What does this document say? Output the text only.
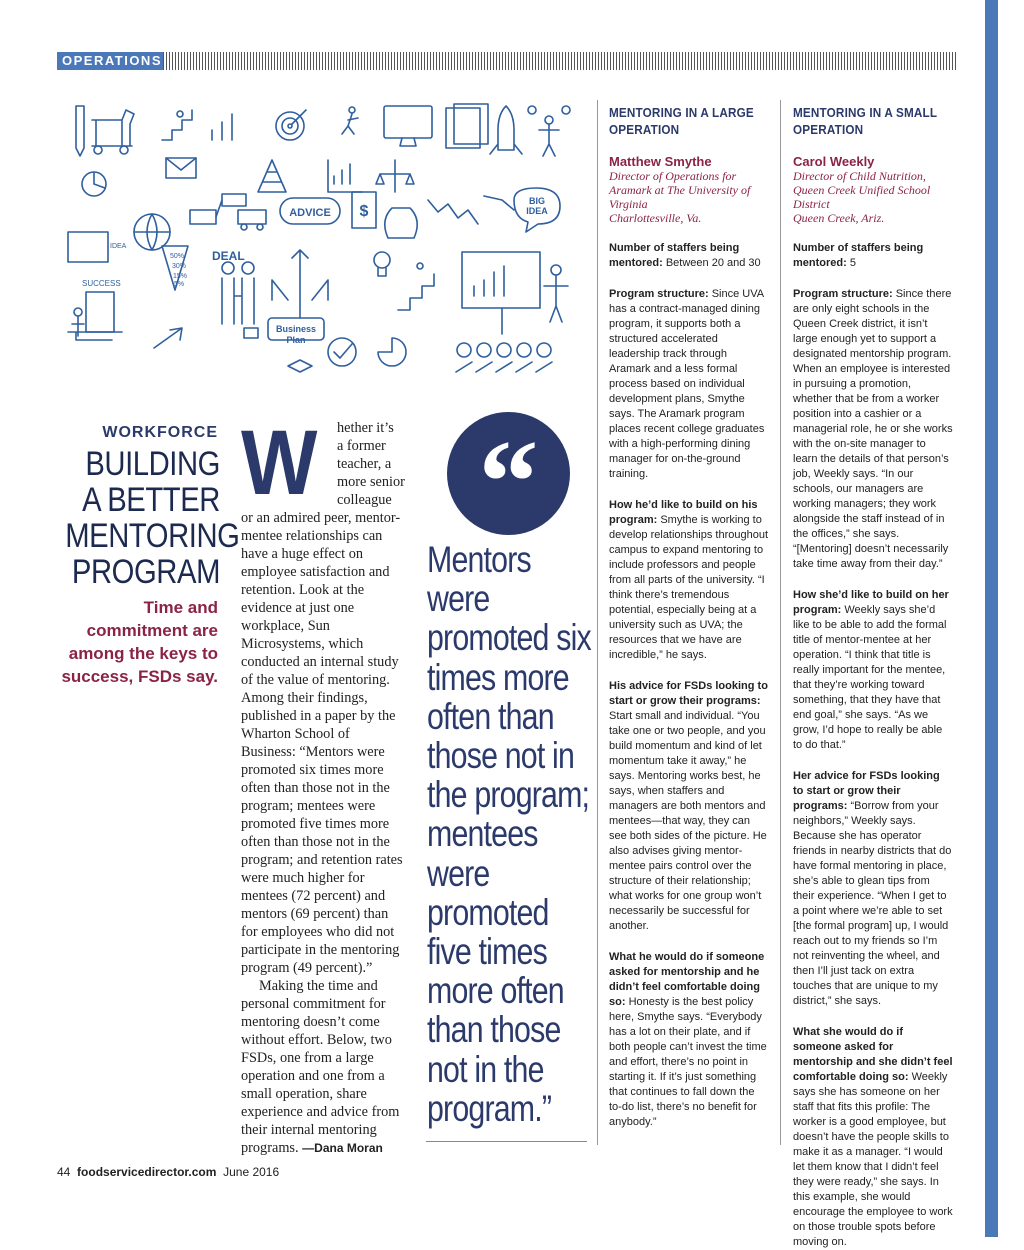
OPERATIONS
ADVICE
BIG IDEA
DEAL
SUCCESS
IDEA
Business Plan
50%
30%
15%
5%
$
WORKFORCE
BUILDING
A BETTER
MENTORING
PROGRAM
Time and commitment are among the keys to success, FSDs say.
W	hether it’s

a former

teacher, a

more senior

colleague

or an admired peer, mentor-mentee relationships can have a huge effect on employee satisfaction and retention. Look at the evidence at just one workplace, Sun Microsystems, which conducted an internal study of the value of mentoring. Among their findings, published in a paper by the Wharton School of Business: “Mentors were promoted six times more often than those not in the program; mentees were promoted five times more often than those not in the program; and retention rates were much higher for mentees (72 percent) and mentors (69 percent) than for employees who did not participate in the mentoring program (49 percent).”

Making the time and personal commitment for mentoring doesn’t come without effort. Below, two FSDs, one from a large operation and one from a small operation, share experience and advice from their internal mentoring programs. —Dana Moran

“
Mentors were promoted six times more often than those not in the program; mentees were promoted five times more often than those not in the program.”
MENTORING IN A LARGE OPERATION
Matthew Smythe
Director of Operations for Aramark at The University of Virginia
Charlottesville, Va.
Number of staffers being mentored: Between 20 and 30
Program structure: Since UVA has a contract-managed dining program, it supports both a structured accelerated leadership track through Aramark and a less formal process based on individual development plans, Smythe says. The Aramark program places recent college graduates with a high-performing dining manager for on-the-ground training.
How he’d like to build on his program: Smythe is working to develop relationships throughout campus to expand mentoring to include professors and people from all parts of the university. “I think there’s tremendous potential, especially being at a university such as UVA; the resources that we have are incredible,” he says.
His advice for FSDs looking to start or grow their programs: Start small and individual. “You take one or two people, and you build momentum and kind of let momentum take it away,” he says. Mentoring works best, he says, when staffers and managers are both mentors and mentees—that way, they can see both sides of the picture. He also advises giving mentor-mentee pairs control over the structure of their relationship; what works for one group won’t necessarily be successful for another.
What he would do if someone asked for mentorship and he didn’t feel comfortable doing so: Honesty is the best policy here, Smythe says. “Everybody has a lot on their plate, and if both people can’t invest the time and effort, there’s no point in starting it. If it’s just something that continues to fall down the to-do list, there’s no benefit for anybody.”
MENTORING IN A SMALL OPERATION
Carol Weekly
Director of Child Nutrition, Queen Creek Unified School District
Queen Creek, Ariz.
Number of staffers being mentored: 5
Program structure: Since there are only eight schools in the Queen Creek district, it isn’t large enough yet to support a designated mentorship program. When an employee is interested in pursuing a promotion, whether that be from a worker position into a cashier or a managerial role, he or she works with the on-site manager to learn the details of that person’s job, Weekly says. “In our schools, our managers are working managers; they work alongside the staff instead of in the offices,” she says. “[Mentoring] doesn’t necessarily take time away from their day.”
How she’d like to build on her program: Weekly says she’d like to be able to add the formal title of mentor-mentee at her operation. “I think that title is really important for the mentee, that they’re working toward something, that they have that end goal,” she says. “As we grow, I’d hope to really be able to do that.”
Her advice for FSDs looking to start or grow their programs: “Borrow from your neighbors,” Weekly says. Because she has operator friends in nearby districts that do have formal mentoring in place, she’s able to glean tips from their experience. “When I get to a point where we’re able to set [the formal program] up, I would reach out to my friends so I’m not reinventing the wheel, and then I’ll just tack on extra touches that are unique to my district,” she says.
What she would do if someone asked for mentorship and she didn’t feel comfortable doing so: Weekly says she has someone on her staff that fits this profile: The worker is a good employee, but doesn’t have the people skills to make it as a manager. “I would let them know that I didn’t feel they were ready,” she says. In this example, she would encourage the employee to work on those trouble spots before moving on.
44 foodservicedirector.com June 2016
